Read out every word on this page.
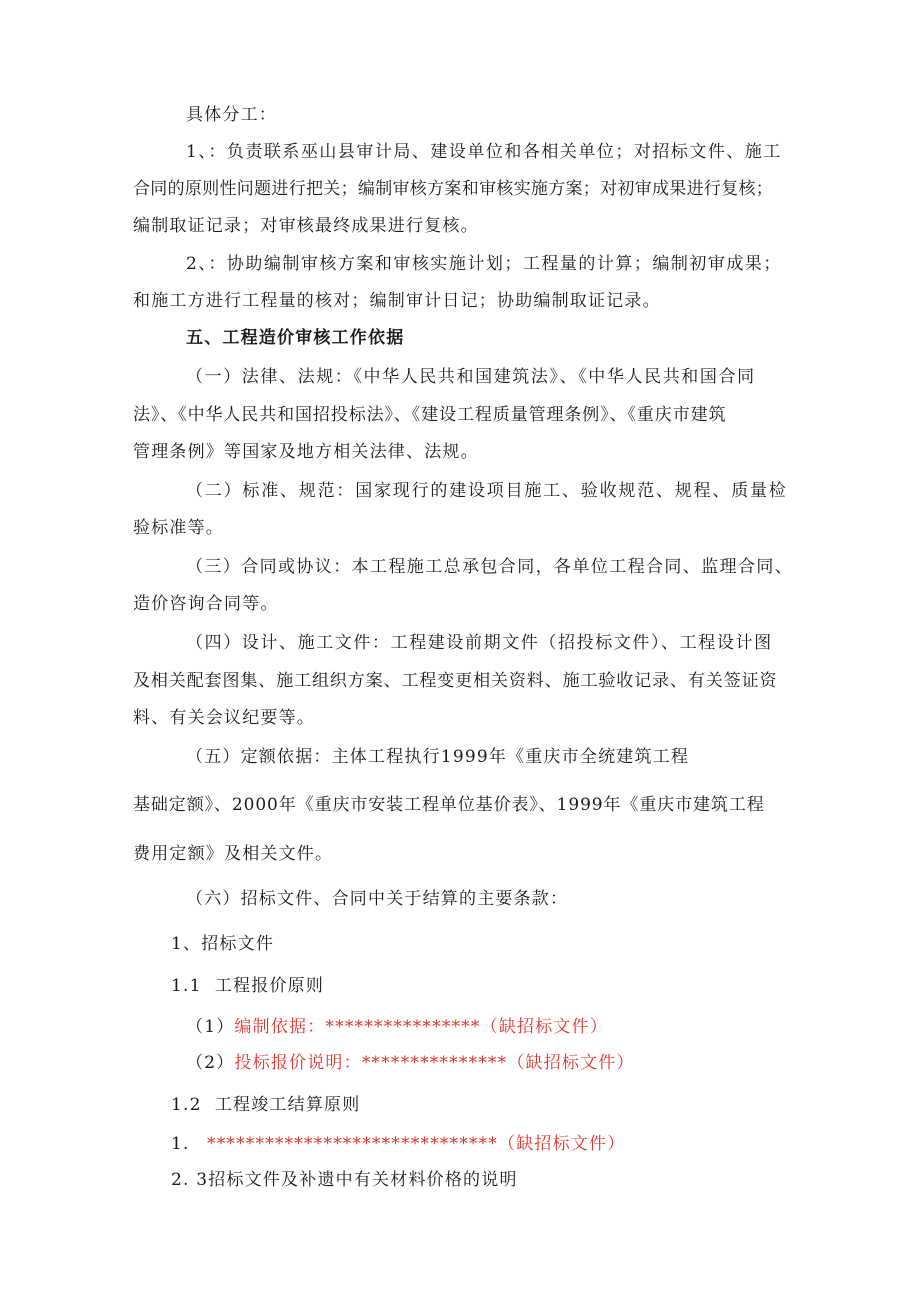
具体分工：
1、：负责联系巫山县审计局、建设单位和各相关单位；对招标文件、施工
合同的原则性问题进行把关；编制审核方案和审核实施方案；对初审成果进行复核；
编制取证记录；对审核最终成果进行复核。
2、：协助编制审核方案和审核实施计划；工程量的计算；编制初审成果；
和施工方进行工程量的核对；编制审计日记；协助编制取证记录。
五、工程造价审核工作依据
（一）法律、法规：《中华人民共和国建筑法》、《中华人民共和国合同
法》、《中华人民共和国招投标法》、《建设工程质量管理条例》、《重庆市建筑
管理条例》等国家及地方相关法律、法规。
（二）标准、规范：国家现行的建设项目施工、验收规范、规程、质量检
验标准等。
（三）合同或协议：本工程施工总承包合同，各单位工程合同、监理合同、
造价咨询合同等。
（四）设计、施工文件：工程建设前期文件（招投标文件）、工程设计图
及相关配套图集、施工组织方案、工程变更相关资料、施工验收记录、有关签证资
料、有关会议纪要等。
（五）定额依据：主体工程执行1999年《重庆市全统建筑工程
基础定额》、2000年《重庆市安装工程单位基价表》、1999年《重庆市建筑工程
费用定额》及相关文件。
（六）招标文件、合同中关于结算的主要条款：
1、招标文件
1.1  工程报价原则
（1）编制依据：****************（缺招标文件）
（2）投标报价说明：***************（缺招标文件）
1.2  工程竣工结算原则
1. ******************************（缺招标文件）
2. 3招标文件及补遗中有关材料价格的说明
